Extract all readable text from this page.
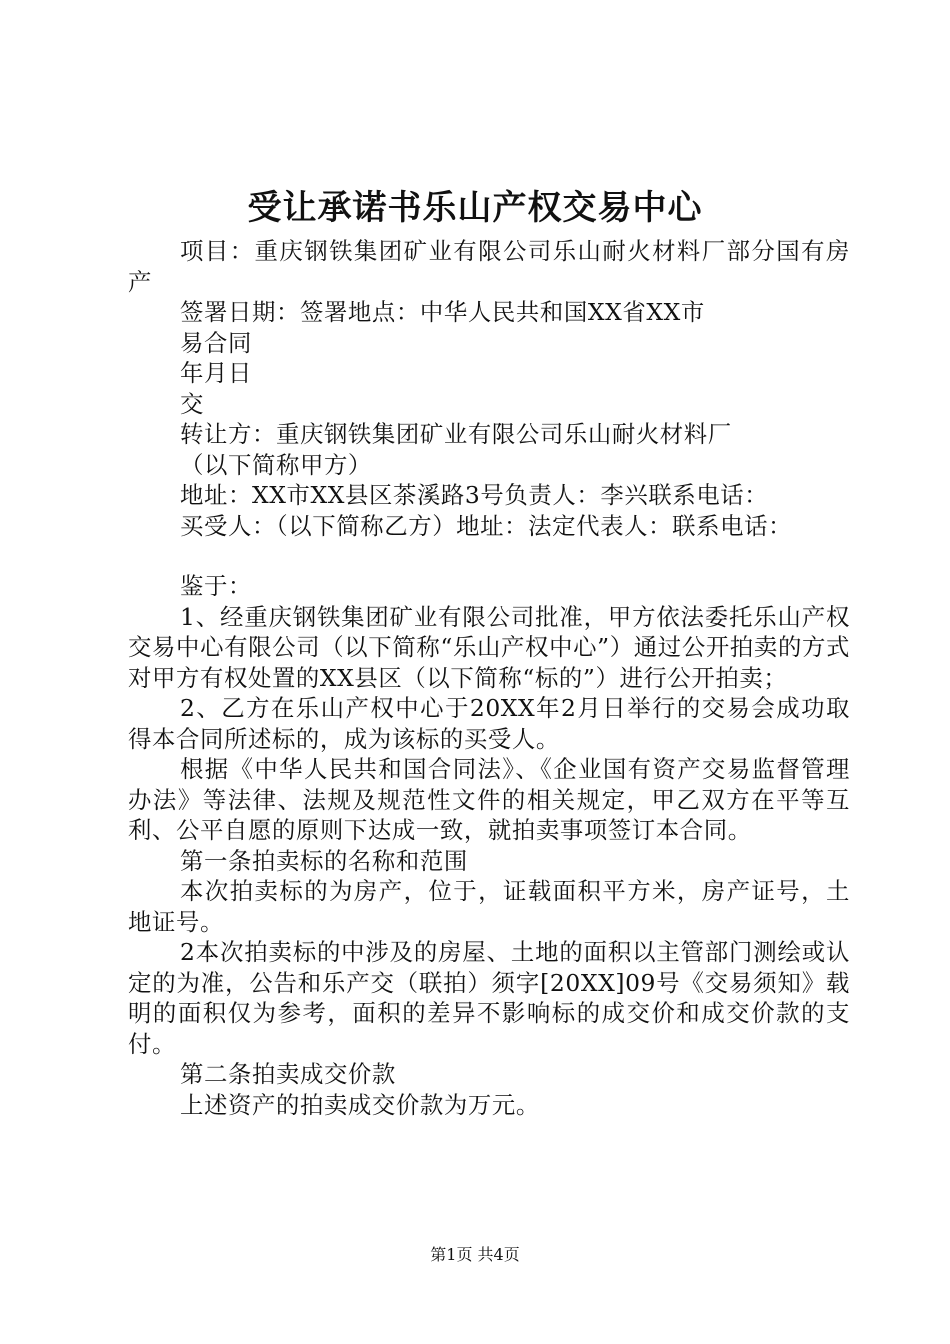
受让承诺书乐山产权交易中心

项目：重庆钢铁集团矿业有限公司乐山耐火材料厂部分国有房产

签署日期：签署地点：中华人民共和国XX省XX市

易合同

年月日

交

转让方：重庆钢铁集团矿业有限公司乐山耐火材料厂

（以下简称甲方）

地址：XX市XX县区茶溪路3号负责人：李兴联系电话：

买受人：（以下简称乙方）地址：法定代表人：联系电话：

鉴于：

1、经重庆钢铁集团矿业有限公司批准，甲方依法委托乐山产权交易中心有限公司（以下简称“乐山产权中心”）通过公开拍卖的方式对甲方有权处置的XX县区（以下简称“标的”）进行公开拍卖；

2、乙方在乐山产权中心于20XX年2月日举行的交易会成功取得本合同所述标的，成为该标的买受人。

根据《中华人民共和国合同法》、《企业国有资产交易监督管理办法》等法律、法规及规范性文件的相关规定，甲乙双方在平等互利、公平自愿的原则下达成一致，就拍卖事项签订本合同。

第一条拍卖标的名称和范围

本次拍卖标的为房产，位于，证载面积平方米，房产证号，土地证号。

2本次拍卖标的中涉及的房屋、土地的面积以主管部门测绘或认定的为准，公告和乐产交（联拍）须字[20XX]09号《交易须知》载明的面积仅为参考，面积的差异不影响标的成交价和成交价款的支付。

第二条拍卖成交价款

上述资产的拍卖成交价款为万元。

第1页 共4页
